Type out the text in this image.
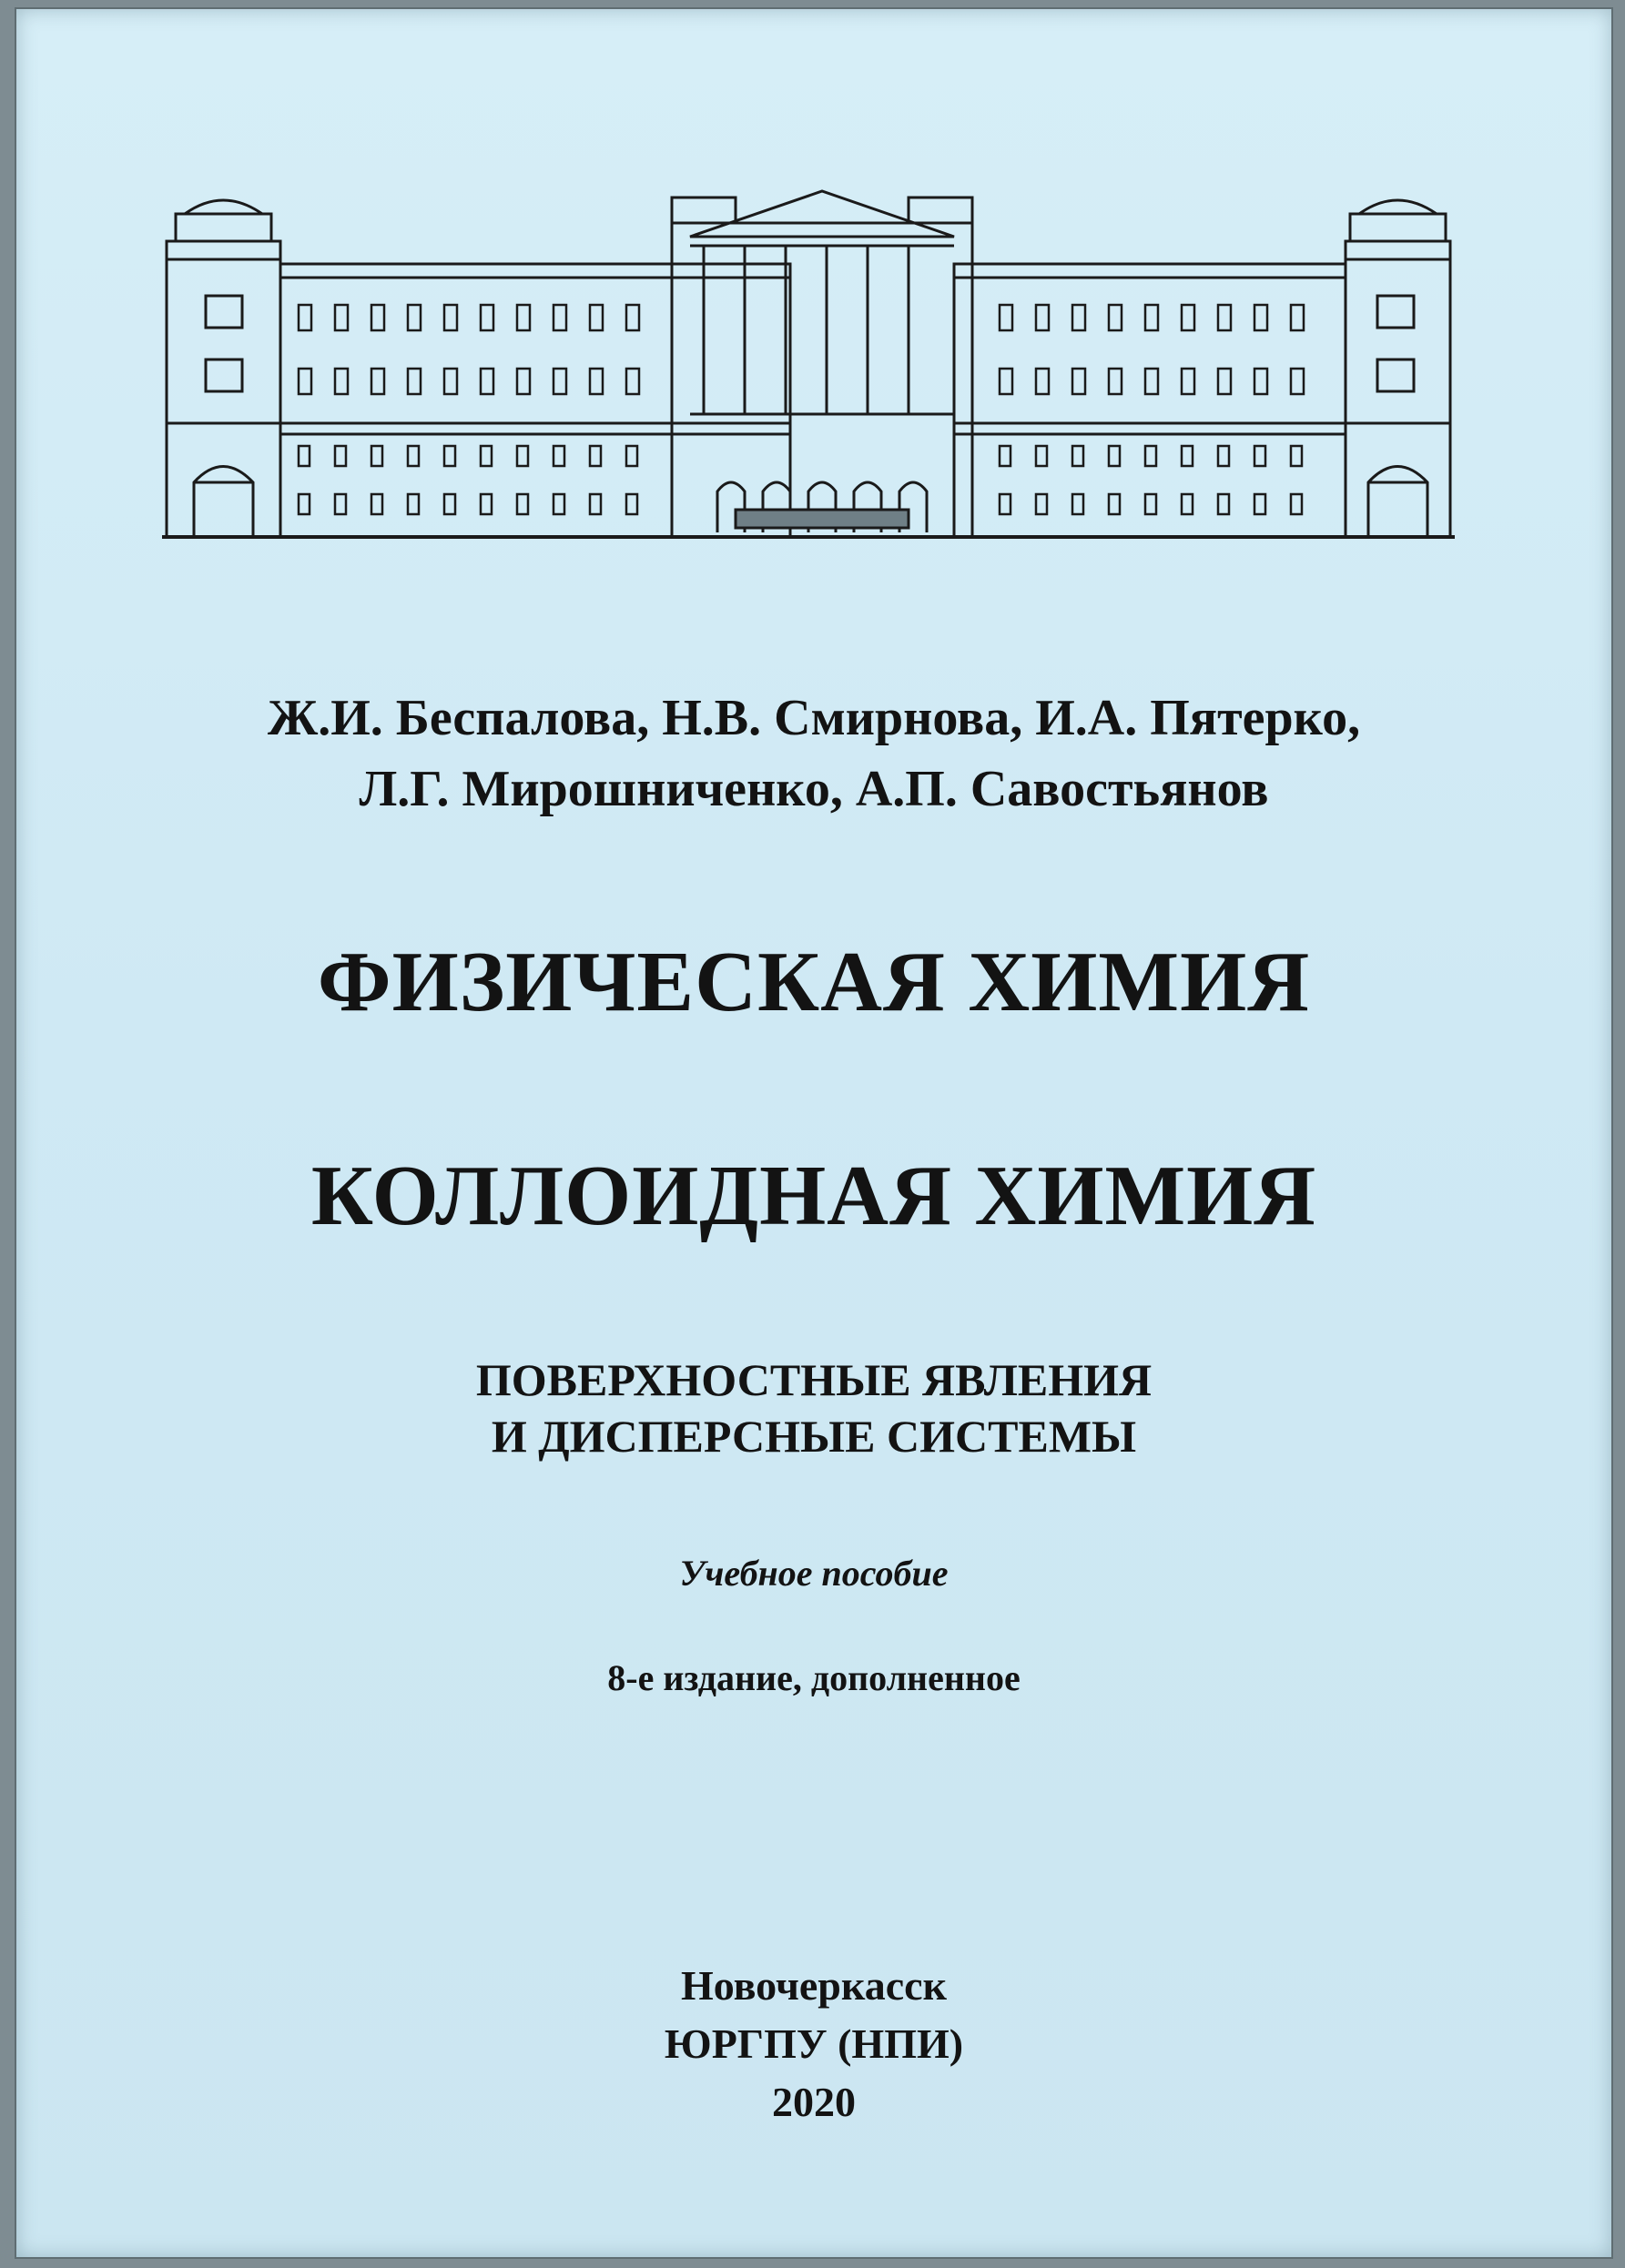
Ж.И. Беспалова, Н.В. Смирнова, И.А. Пятерко,
Л.Г. Мирошниченко, А.П. Савостьянов
ФИЗИЧЕСКАЯ ХИМИЯ
КОЛЛОИДНАЯ ХИМИЯ
ПОВЕРХНОСТНЫЕ ЯВЛЕНИЯ
И ДИСПЕРСНЫЕ СИСТЕМЫ
Учебное пособие
8-е издание, дополненное
Новочеркасск
ЮРГПУ (НПИ)
2020
